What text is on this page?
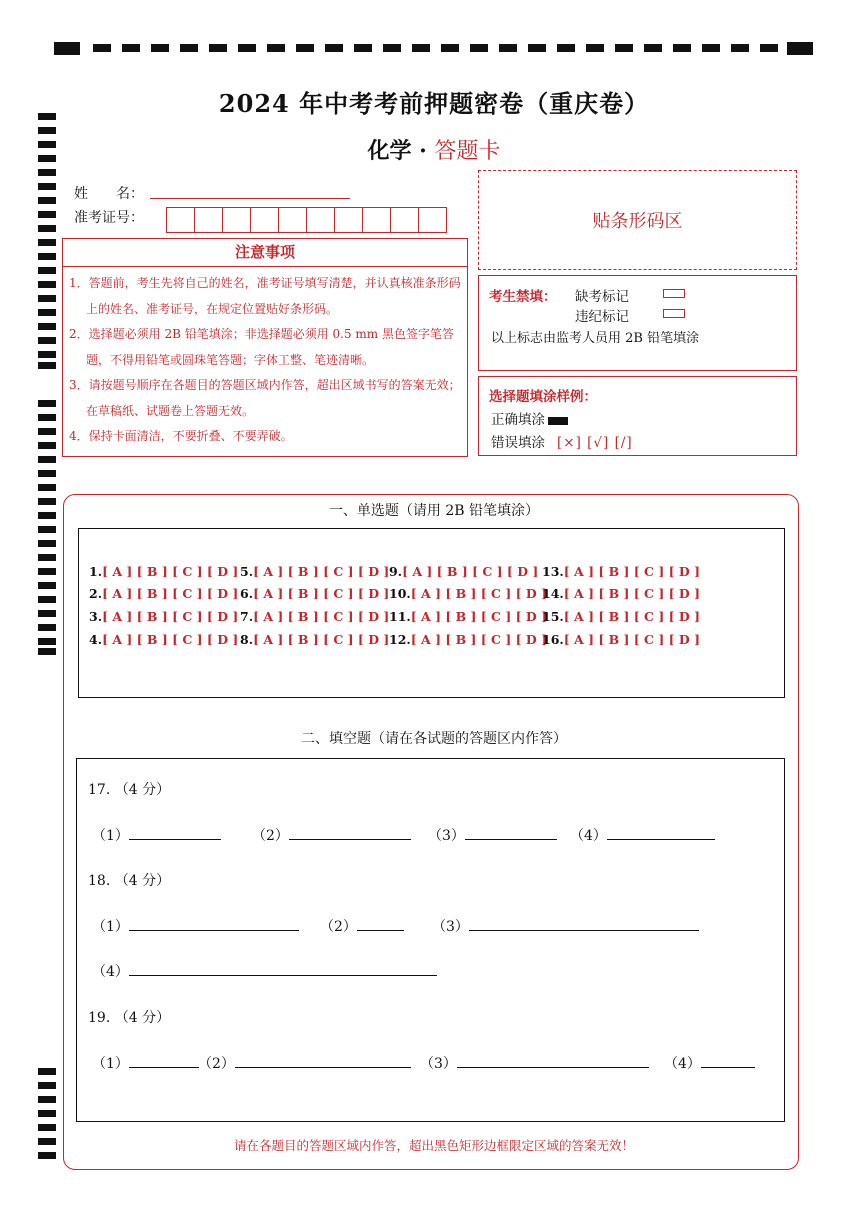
2024 年中考考前押题密卷（重庆卷）
化学 · 答题卡
姓　　名：
准考证号：	贴条形码区
注意事项
1．答题前，考生先将自己的姓名，准考证号填写清楚，并认真核准条形码上的姓名、准考证号，在规定位置贴好条形码。
2．选择题必须用 2B 铅笔填涂；非选择题必须用 0.5 mm 黑色签字笔答题，不得用铅笔或圆珠笔答题；字体工整、笔迹清晰。
3．请按题号顺序在各题目的答题区域内作答，超出区域书写的答案无效；在草稿纸、试题卷上答题无效。
4．保持卡面清洁，不要折叠、不要弄破。
考生禁填： 缺考标记
违纪标记
以上标志由监考人员用 2B 铅笔填涂
选择题填涂样例：
正确填涂
错误填涂 [×] [√] [/]
一、单选题（请用 2B 铅笔填涂）
1.[ A ] [ B ] [ C ] [ D ]
2.[ A ] [ B ] [ C ] [ D ]
3.[ A ] [ B ] [ C ] [ D ]
4.[ A ] [ B ] [ C ] [ D ]
5.[ A ] [ B ] [ C ] [ D ]
6.[ A ] [ B ] [ C ] [ D ]
7.[ A ] [ B ] [ C ] [ D ]
8.[ A ] [ B ] [ C ] [ D ]
9.[ A ] [ B ] [ C ] [ D ]
10.[ A ] [ B ] [ C ] [ D ]
11.[ A ] [ B ] [ C ] [ D ]
12.[ A ] [ B ] [ C ] [ D ]
13.[ A ] [ B ] [ C ] [ D ]
14.[ A ] [ B ] [ C ] [ D ]
15.[ A ] [ B ] [ C ] [ D ]
16.[ A ] [ B ] [ C ] [ D ]
二、填空题（请在各试题的答题区内作答）
17. （4 分）
（1）	（2）	（3）	（4）
18. （4 分）
（1）	（2）	（3）
（4）
19. （4 分）
（1）	（2）	（3）	（4）
请在各题目的答题区域内作答，超出黑色矩形边框限定区域的答案无效！
